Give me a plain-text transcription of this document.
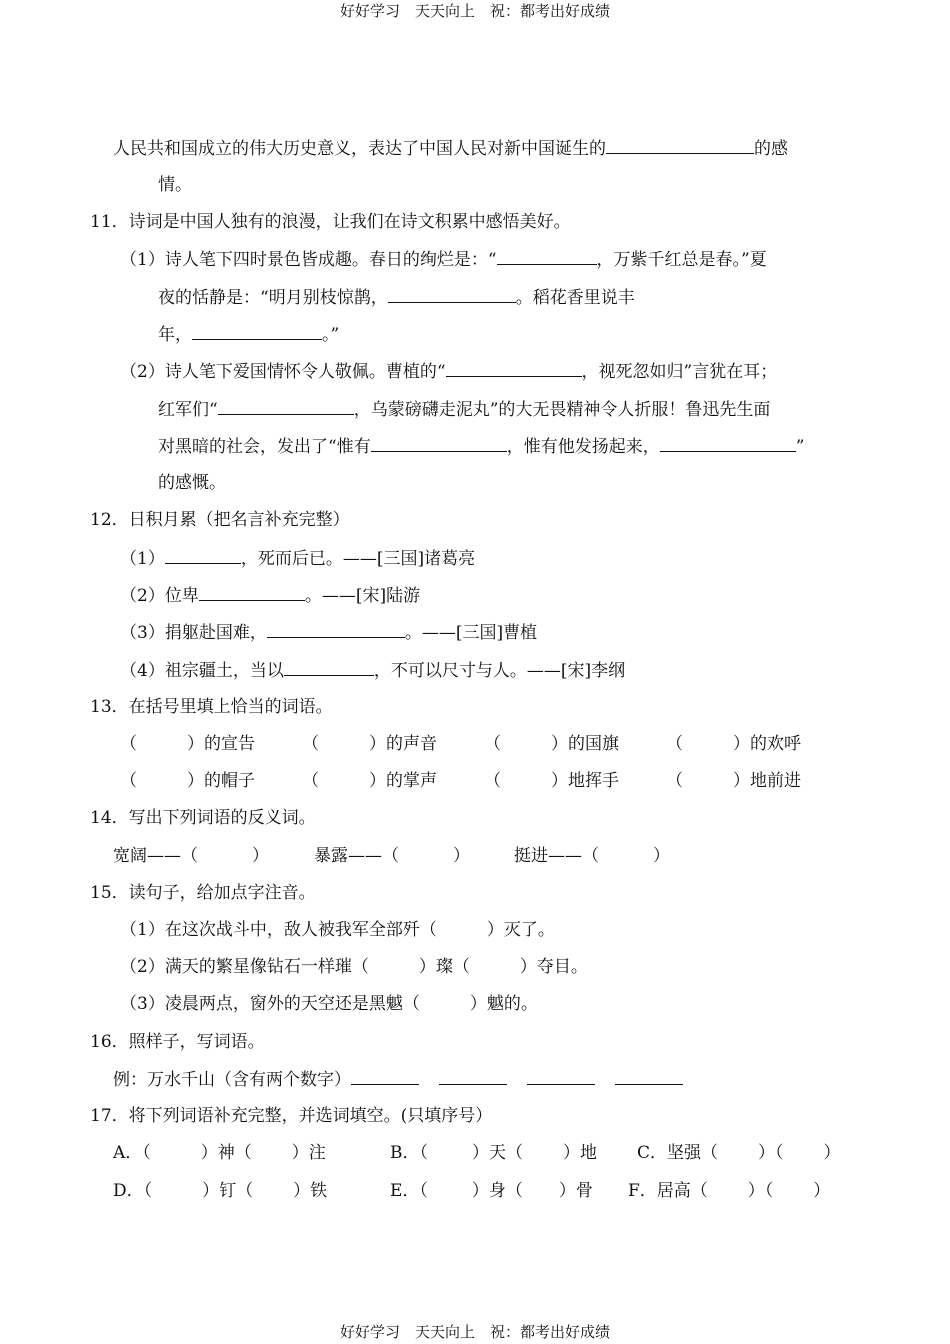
好好学习　天天向上　祝：都考出好成绩
人民共和国成立的伟大历史意义，表达了中国人民对新中国诞生的	的感
情。
11．诗词是中国人独有的浪漫，让我们在诗文积累中感悟美好。
（1）诗人笔下四时景色皆成趣。春日的绚烂是：“	，万紫千红总是春。”夏
夜的恬静是：“明月别枝惊鹊，	。稻花香里说丰
年，	。”
（2）诗人笔下爱国情怀令人敬佩。曹植的“	，视死忽如归”言犹在耳；
红军们“	，乌蒙磅礴走泥丸”的大无畏精神令人折服！鲁迅先生面
对黑暗的社会，发出了“惟有	，惟有他发扬起来，	”
的感慨。
12．日积月累（把名言补充完整）
（1）	，死而后已。——[三国]诸葛亮
（2）位卑	。——[宋]陆游
（3）捐躯赴国难，	。——[三国]曹植
（4）祖宗疆土，当以	，不可以尺寸与人。——[宋]李纲
13．在括号里填上恰当的词语。
（	）的宣告	（	）的声音	（	）的国旗	（	）的欢呼
（	）的帽子	（	）的掌声	（	）地挥手	（	）地前进
14．写出下列词语的反义词。
宽阔——（	）	暴露——（	）	挺进——（	）
15．读句子，给加点字注音。
（1）在这次战斗中，敌人被我军全部歼（	）灭了。
（2）满天的繁星像钻石一样璀（	）璨（	）夺目。
（3）凌晨两点，窗外的天空还是黑魆（	）魆的。
16．照样子，写词语。
例：万水千山（含有两个数字）
17．将下列词语补充完整，并选词填空。(只填序号）
A．（	）神（ ）注	B．（	）天（ ）地 C．坚强（ ）（ ）
D．（	）钉（ ）铁	E．（	）身（ ）骨 F．居高（ ）（ ）
好好学习　天天向上　祝：都考出好成绩
